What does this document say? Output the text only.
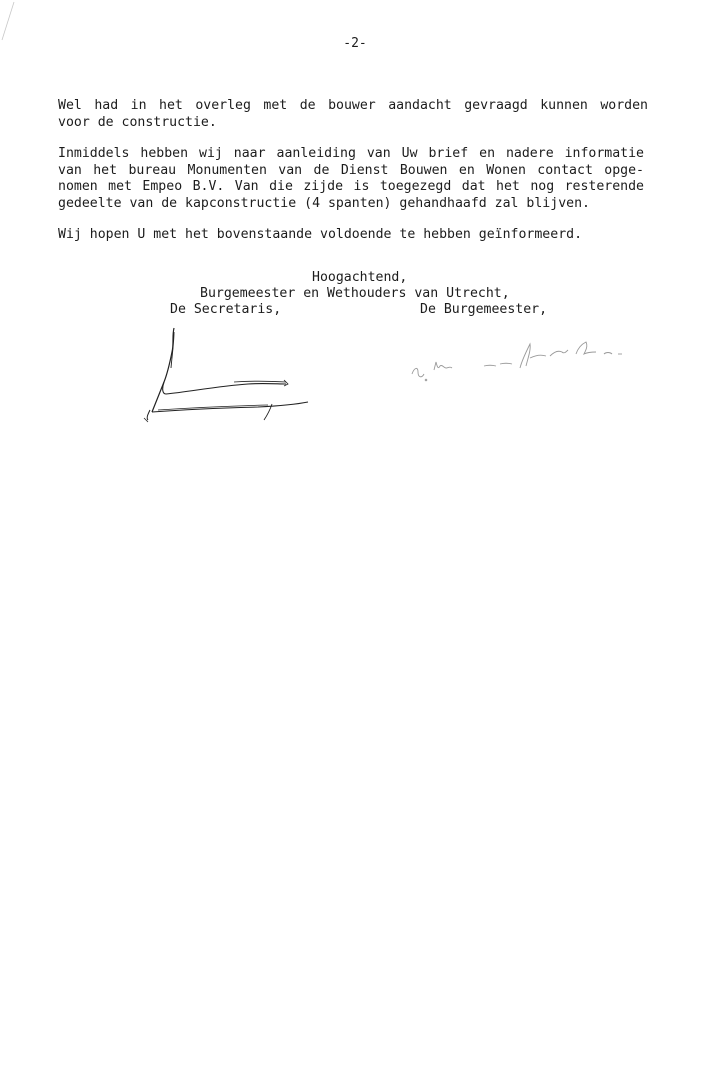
-2-

Wel had in het overleg met de bouwer aandacht gevraagd kunnen worden
voor de constructie.

Inmiddels hebben wij naar aanleiding van Uw brief en nadere informatie
van het bureau Monumenten van de Dienst Bouwen en Wonen contact opge-
nomen met Empeo B.V. Van die zijde is toegezegd dat het nog resterende
gedeelte van de kapconstructie (4 spanten) gehandhaafd zal blijven.

Wij hopen U met het bovenstaande voldoende te hebben geïnformeerd.

Hoogachtend,
Burgemeester en Wethouders van Utrecht,
De Secretaris,	De Burgemeester,
